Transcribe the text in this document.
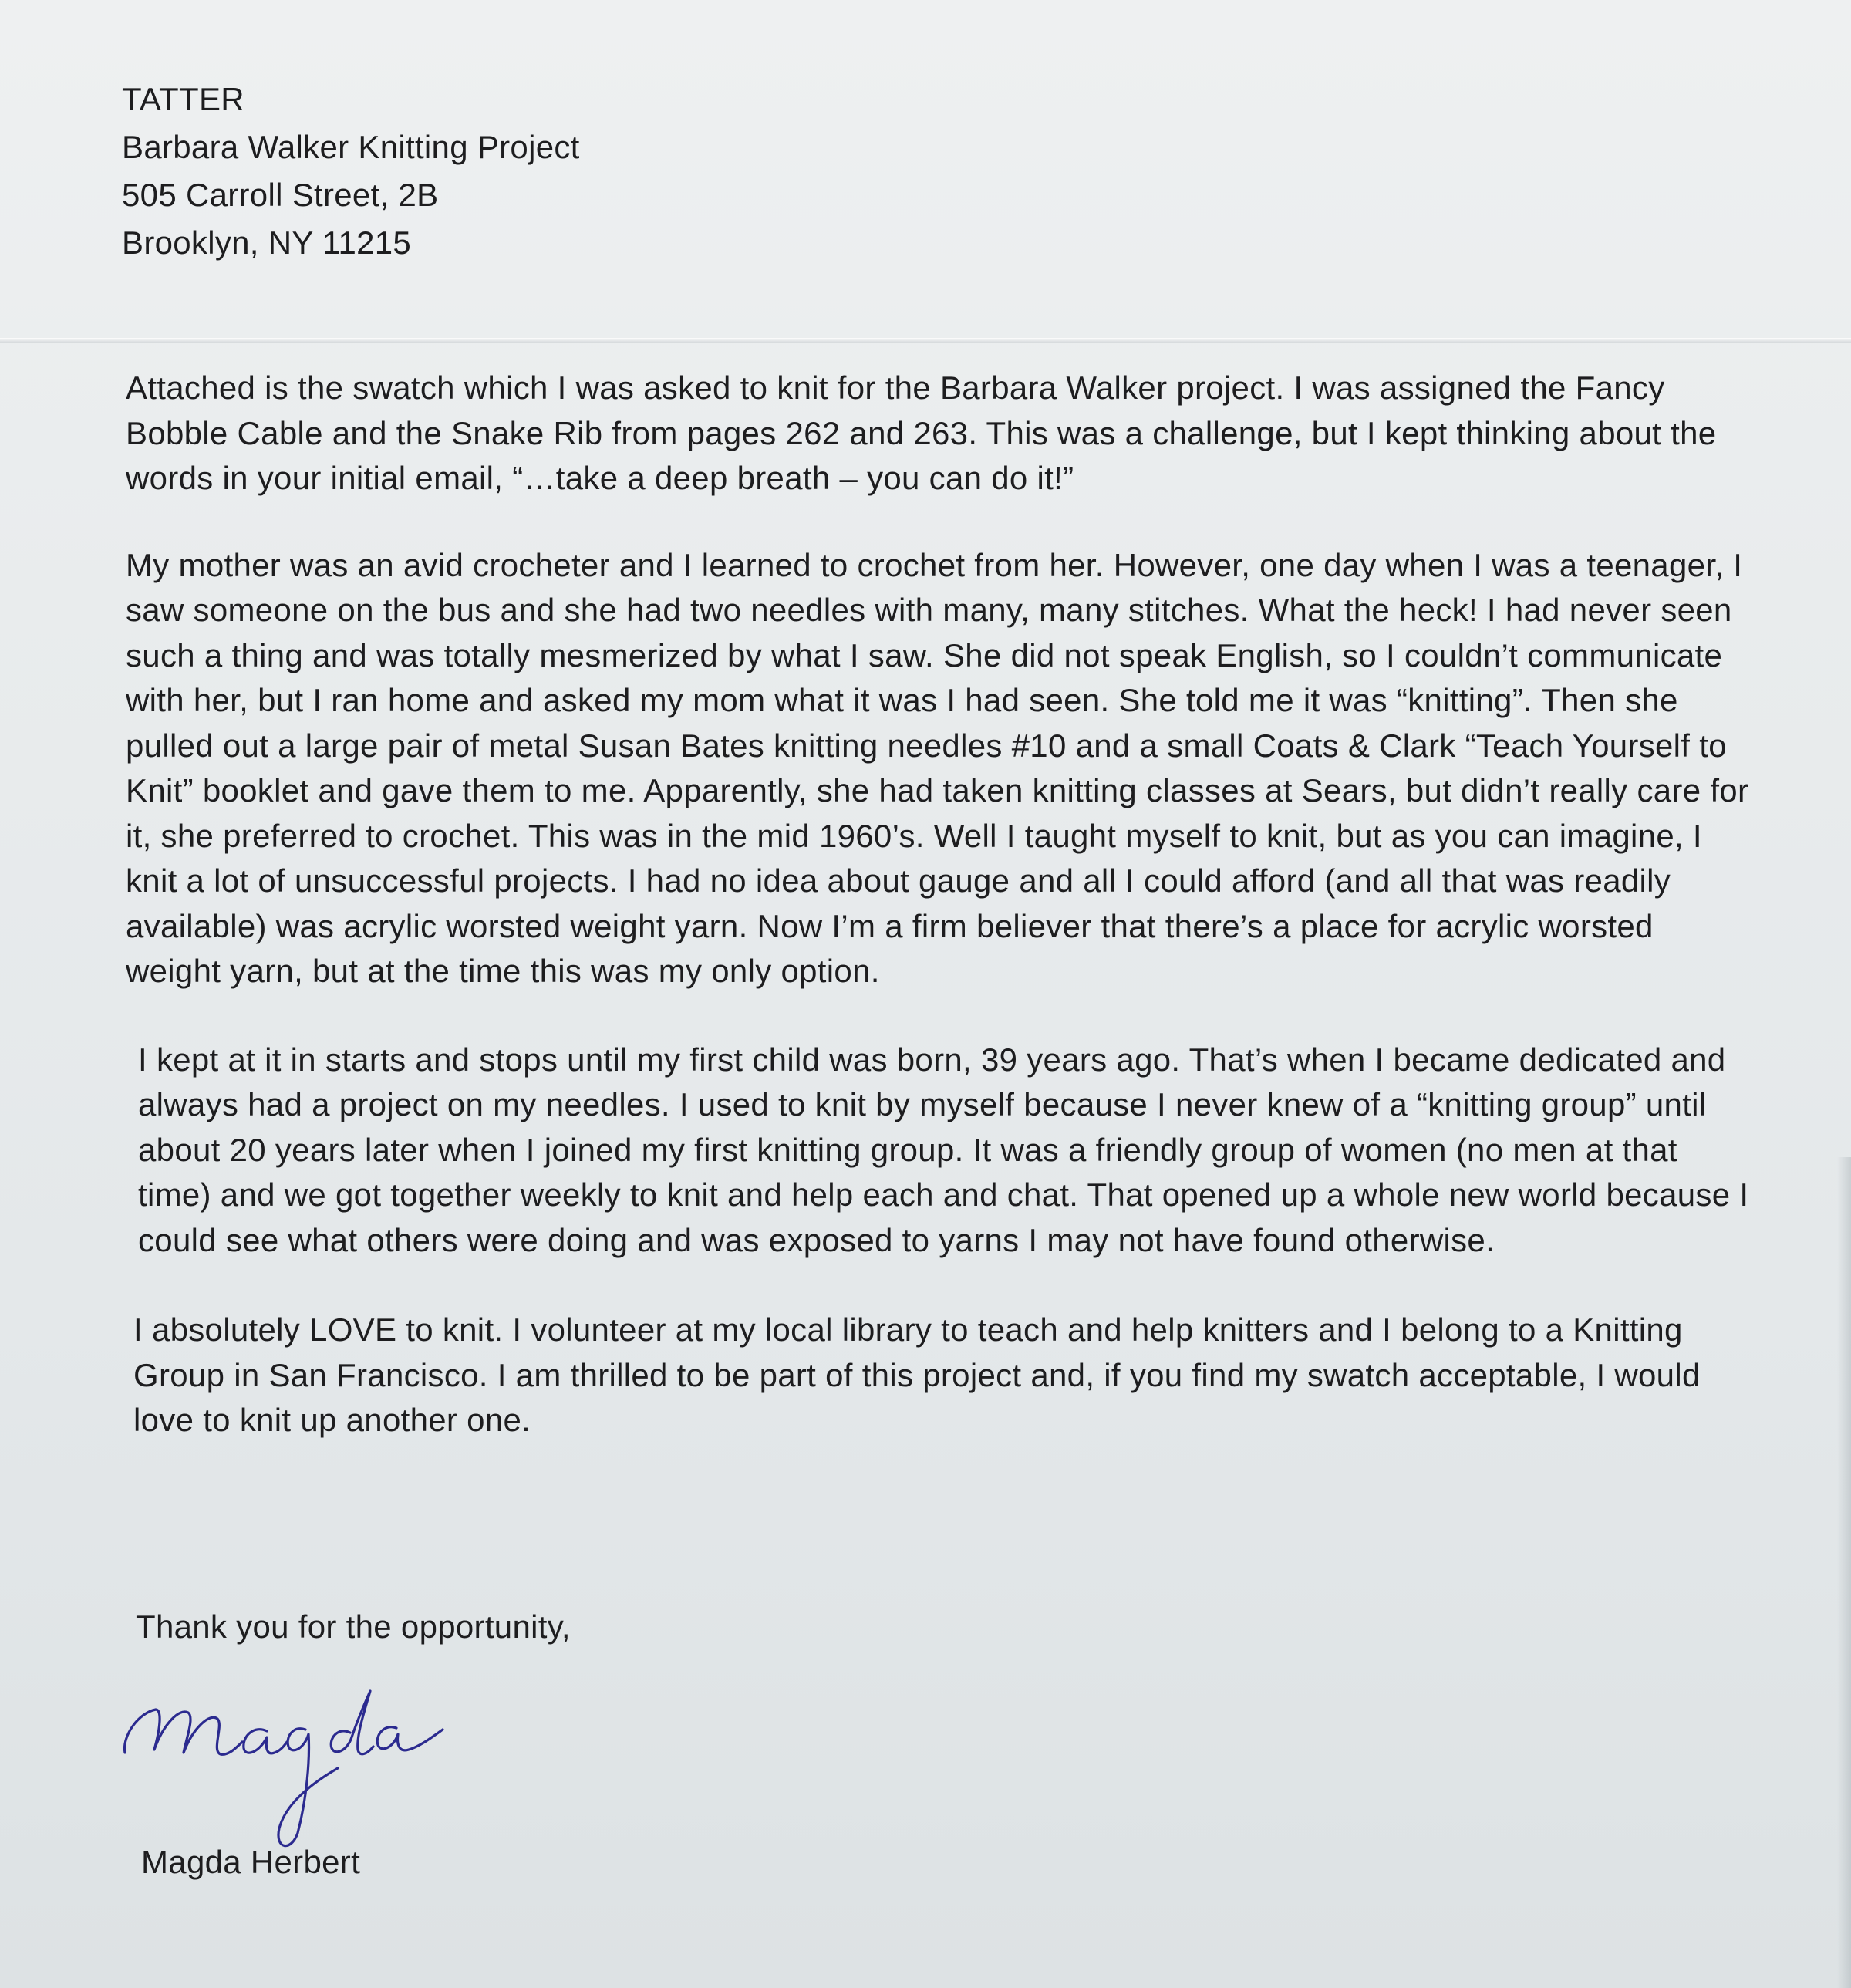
TATTER
Barbara Walker Knitting Project
505 Carroll Street, 2B
Brooklyn, NY 11215

Attached is the swatch which I was asked to knit for the Barbara Walker project. I was assigned the Fancy Bobble Cable and the Snake Rib from pages 262 and 263. This was a challenge, but I kept thinking about the words in your initial email, “…take a deep breath – you can do it!”

My mother was an avid crocheter and I learned to crochet from her. However, one day when I was a teenager, I saw someone on the bus and she had two needles with many, many stitches. What the heck! I had never seen such a thing and was totally mesmerized by what I saw. She did not speak English, so I couldn’t communicate with her, but I ran home and asked my mom what it was I had seen. She told me it was “knitting”. Then she pulled out a large pair of metal Susan Bates knitting needles #10 and a small Coats & Clark “Teach Yourself to Knit” booklet and gave them to me. Apparently, she had taken knitting classes at Sears, but didn’t really care for it, she preferred to crochet. This was in the mid 1960’s. Well I taught myself to knit, but as you can imagine, I knit a lot of unsuccessful projects. I had no idea about gauge and all I could afford (and all that was readily available) was acrylic worsted weight yarn. Now I’m a firm believer that there’s a place for acrylic worsted weight yarn, but at the time this was my only option.

I kept at it in starts and stops until my first child was born, 39 years ago. That’s when I became dedicated and always had a project on my needles. I used to knit by myself because I never knew of a “knitting group” until about 20 years later when I joined my first knitting group. It was a friendly group of women (no men at that time) and we got together weekly to knit and help each and chat. That opened up a whole new world because I could see what others were doing and was exposed to yarns I may not have found otherwise.

I absolutely LOVE to knit. I volunteer at my local library to teach and help knitters and I belong to a Knitting Group in San Francisco. I am thrilled to be part of this project and, if you find my swatch acceptable, I would love to knit up another one.

Thank you for the opportunity,
Magda Herbert
